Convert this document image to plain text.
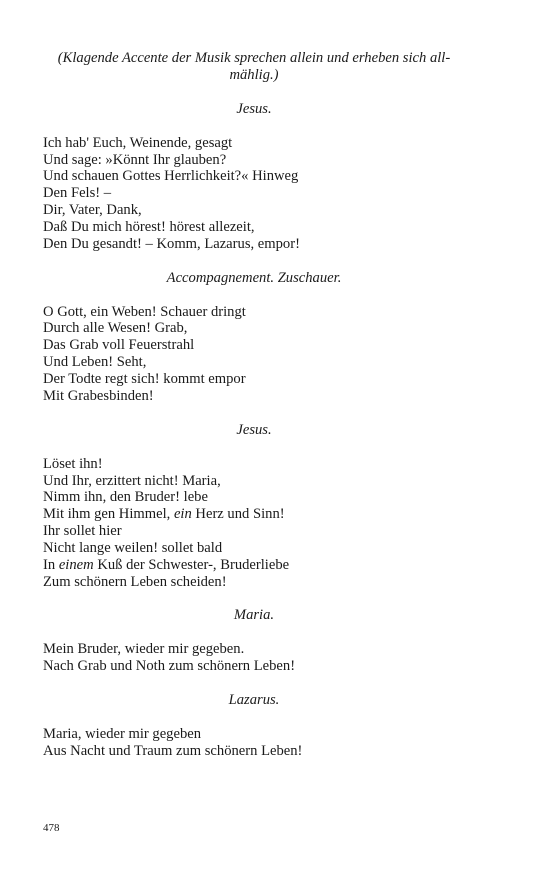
(Klagende Accente der Musik sprechen allein und erheben sich all-
mählig.)

Jesus.

Ich hab' Euch, Weinende, gesagt
Und sage: »Könnt Ihr glauben?
Und schauen Gottes Herrlichkeit?« Hinweg
Den Fels! –
Dir, Vater, Dank,
Daß Du mich hörest! hörest allezeit,
Den Du gesandt! – Komm, Lazarus, empor!

Accompagnement. Zuschauer.

O Gott, ein Weben! Schauer dringt
Durch alle Wesen! Grab,
Das Grab voll Feuerstrahl
Und Leben! Seht,
Der Todte regt sich! kommt empor
Mit Grabesbinden!

Jesus.

Löset ihn!
Und Ihr, erzittert nicht! Maria,
Nimm ihn, den Bruder! lebe
Mit ihm gen Himmel, ein Herz und Sinn!
Ihr sollet hier
Nicht lange weilen! sollet bald
In einem Kuß der Schwester-, Bruderliebe
Zum schönern Leben scheiden!

Maria.

Mein Bruder, wieder mir gegeben.
Nach Grab und Noth zum schönern Leben!

Lazarus.

Maria, wieder mir gegeben
Aus Nacht und Traum zum schönern Leben!
478
